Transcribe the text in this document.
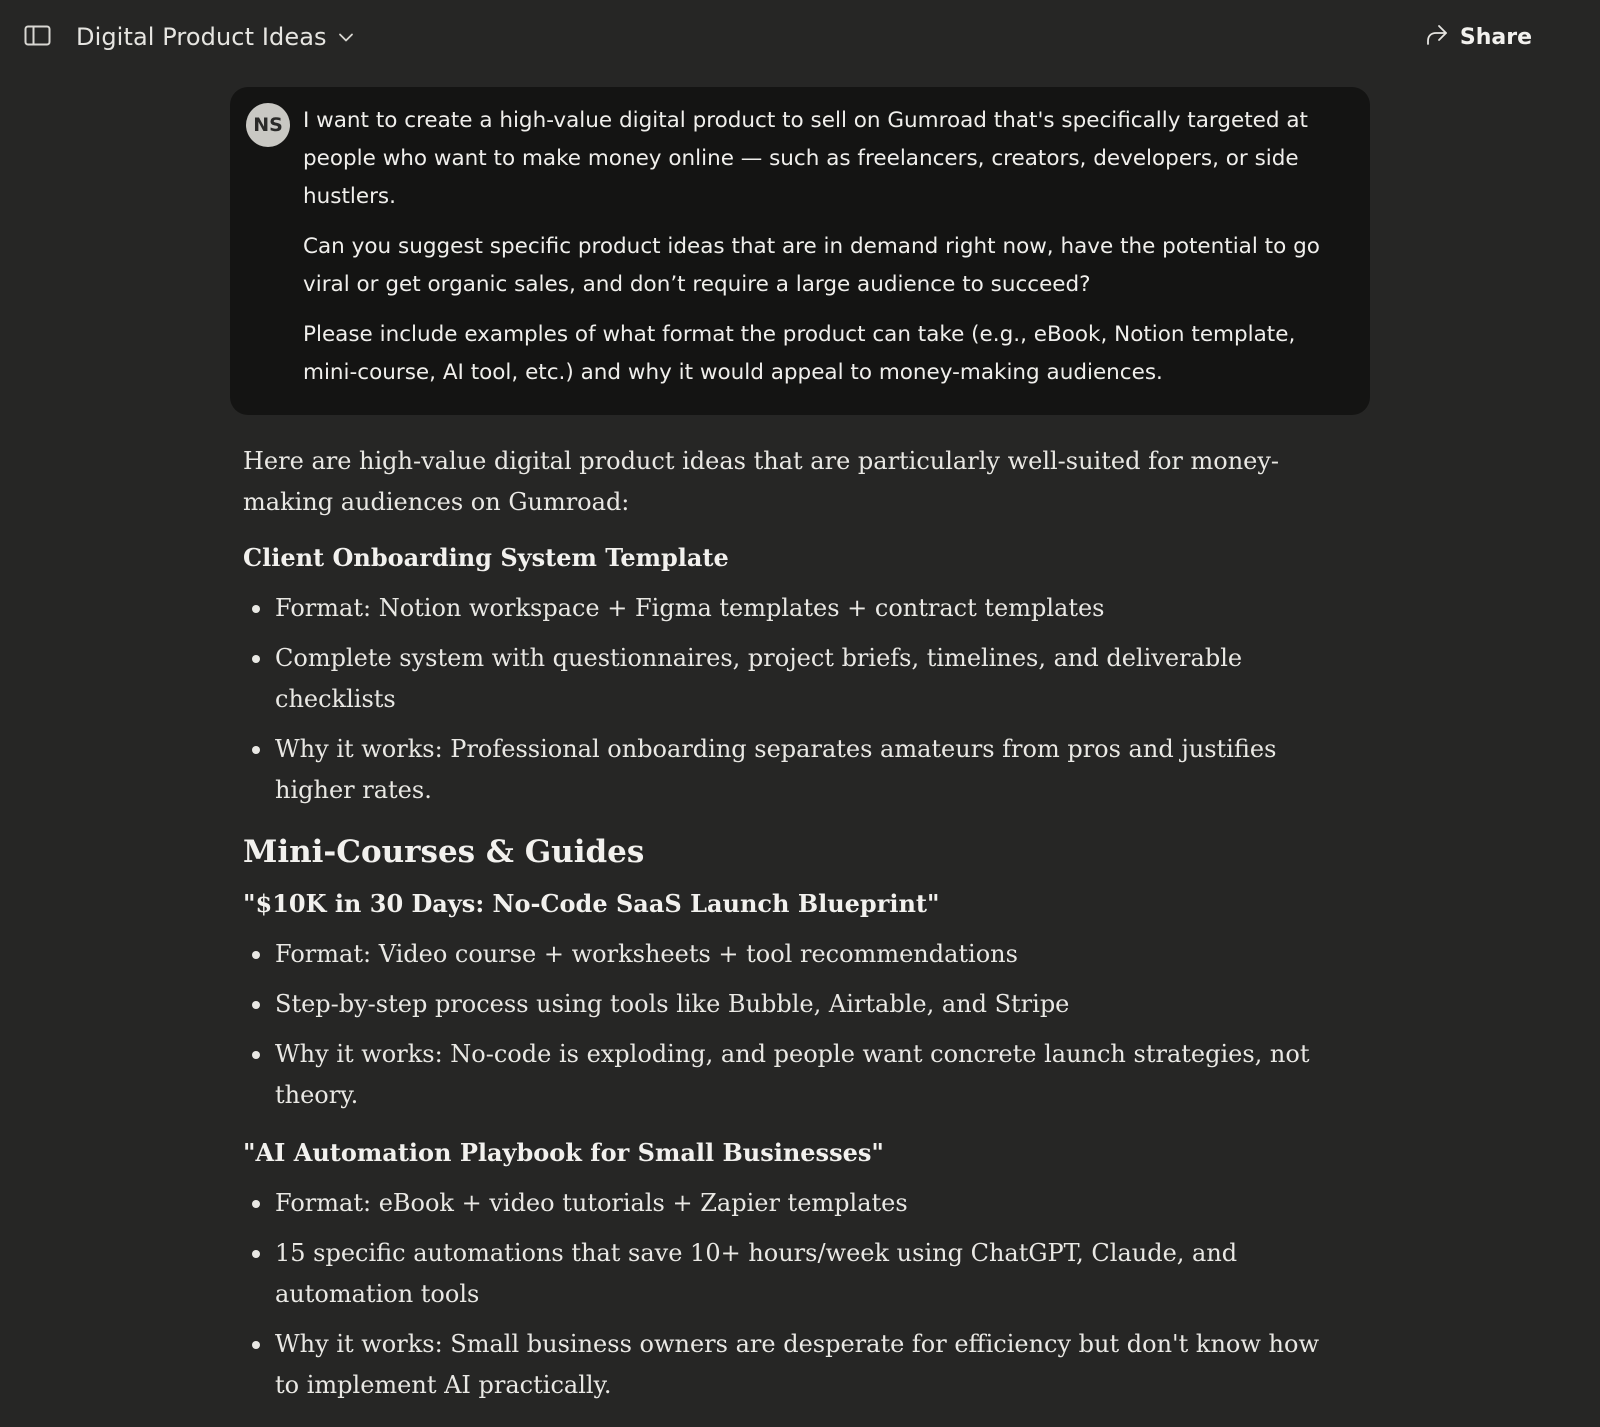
Digital Product Ideas	Share
NS I want to create a high-value digital product to sell on Gumroad that's specifically targeted at people who want to make money online — such as freelancers, creators, developers, or side hustlers.

Can you suggest specific product ideas that are in demand right now, have the potential to go viral or get organic sales, and don’t require a large audience to succeed?

Please include examples of what format the product can take (e.g., eBook, Notion template, mini-course, AI tool, etc.) and why it would appeal to money-making audiences.

Here are high-value digital product ideas that are particularly well-suited for money-making audiences on Gumroad:

Client Onboarding System Template
Format: Notion workspace + Figma templates + contract templates
Complete system with questionnaires, project briefs, timelines, and deliverable checklists
Why it works: Professional onboarding separates amateurs from pros and justifies higher rates.
Mini-Courses & Guides
"$10K in 30 Days: No-Code SaaS Launch Blueprint"
Format: Video course + worksheets + tool recommendations
Step-by-step process using tools like Bubble, Airtable, and Stripe
Why it works: No-code is exploding, and people want concrete launch strategies, not theory.
"AI Automation Playbook for Small Businesses"
Format: eBook + video tutorials + Zapier templates
15 specific automations that save 10+ hours/week using ChatGPT, Claude, and automation tools
Why it works: Small business owners are desperate for efficiency but don't know how to implement AI practically.
